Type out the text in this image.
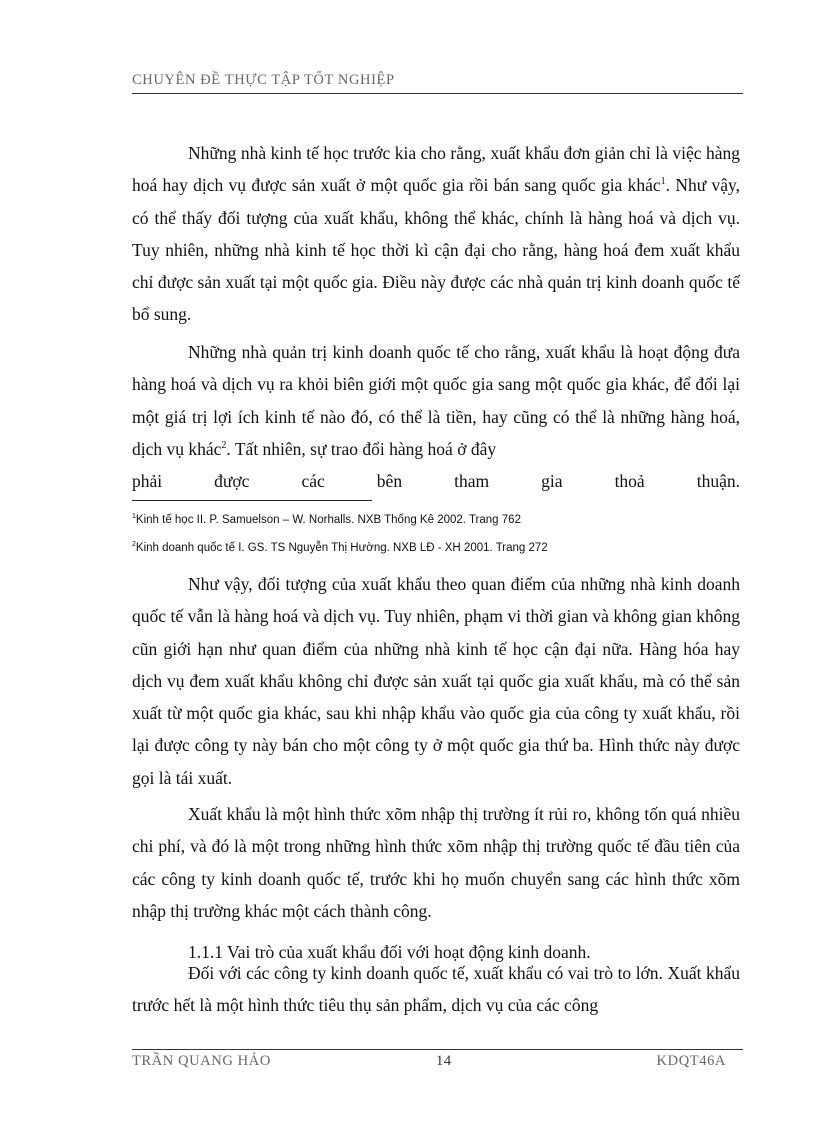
CHUYÊN ĐỀ THỰC TẬP TỐT NGHIỆP

Những nhà kinh tế học trước kia cho rằng, xuất khẩu đơn giản chỉ là việc hàng hoá hay dịch vụ được sản xuất ở một quốc gia rồi bán sang quốc gia khác$^1$. Như vậy, có thể thấy đối tượng của xuất khẩu, không thể khác, chính là hàng hoá và dịch vụ. Tuy nhiên, những nhà kinh tế học thời kì cận đại cho rằng, hàng hoá đem xuất khẩu chỉ được sản xuất tại một quốc gia. Điều này được các nhà quản trị kinh doanh quốc tế bổ sung.

Những nhà quản trị kinh doanh quốc tế cho rằng, xuất khẩu là hoạt động đưa hàng hoá và dịch vụ ra khỏi biên giới một quốc gia sang một quốc gia khác, để đổi lại một giá trị lợi ích kinh tế nào đó, có thể là tiền, hay cũng có thể là những hàng hoá, dịch vụ khác$^2$. Tất nhiên, sự trao đổi hàng hoá ở đây

phải được các bên tham gia thoả thuận.

$^1$Kinh tế học II. P. Samuelson – W. Norhalls. NXB Thống Kê 2002. Trang 762
$^2$Kinh doanh quốc tế I. GS. TS Nguyễn Thị Hường. NXB LĐ - XH 2001. Trang 272

Như vậy, đối tượng của xuất khẩu theo quan điểm của những nhà kinh doanh quốc tế vẫn là hàng hoá và dịch vụ. Tuy nhiên, phạm vi thời gian và không gian không cũn giới hạn như quan điểm của những nhà kinh tế học cận đại nữa. Hàng hóa hay dịch vụ đem xuất khẩu không chỉ được sản xuất tại quốc gia xuất khẩu, mà có thể sản xuất từ một quốc gia khác, sau khi nhập khẩu vào quốc gia của công ty xuất khẩu, rồi lại được công ty này bán cho một công ty ở một quốc gia thứ ba. Hình thức này được gọi là tái xuất.

Xuất khẩu là một hình thức xõm nhập thị trường ít rủi ro, không tốn quá nhiều chi phí, và đó là một trong những hình thức xõm nhập thị trường quốc tế đầu tiên của các công ty kinh doanh quốc tế, trước khi họ muốn chuyển sang các hình thức xõm nhập thị trường khác một cách thành công.

1.1.1 Vai trò của xuất khẩu đối với hoạt động kinh doanh.

Đối với các công ty kinh doanh quốc tế, xuất khẩu có vai trò to lớn. Xuất khẩu trước hết là một hình thức tiêu thụ sản phẩm, dịch vụ của các công

TRẦN QUANG HẢO	14	KDQT46A
